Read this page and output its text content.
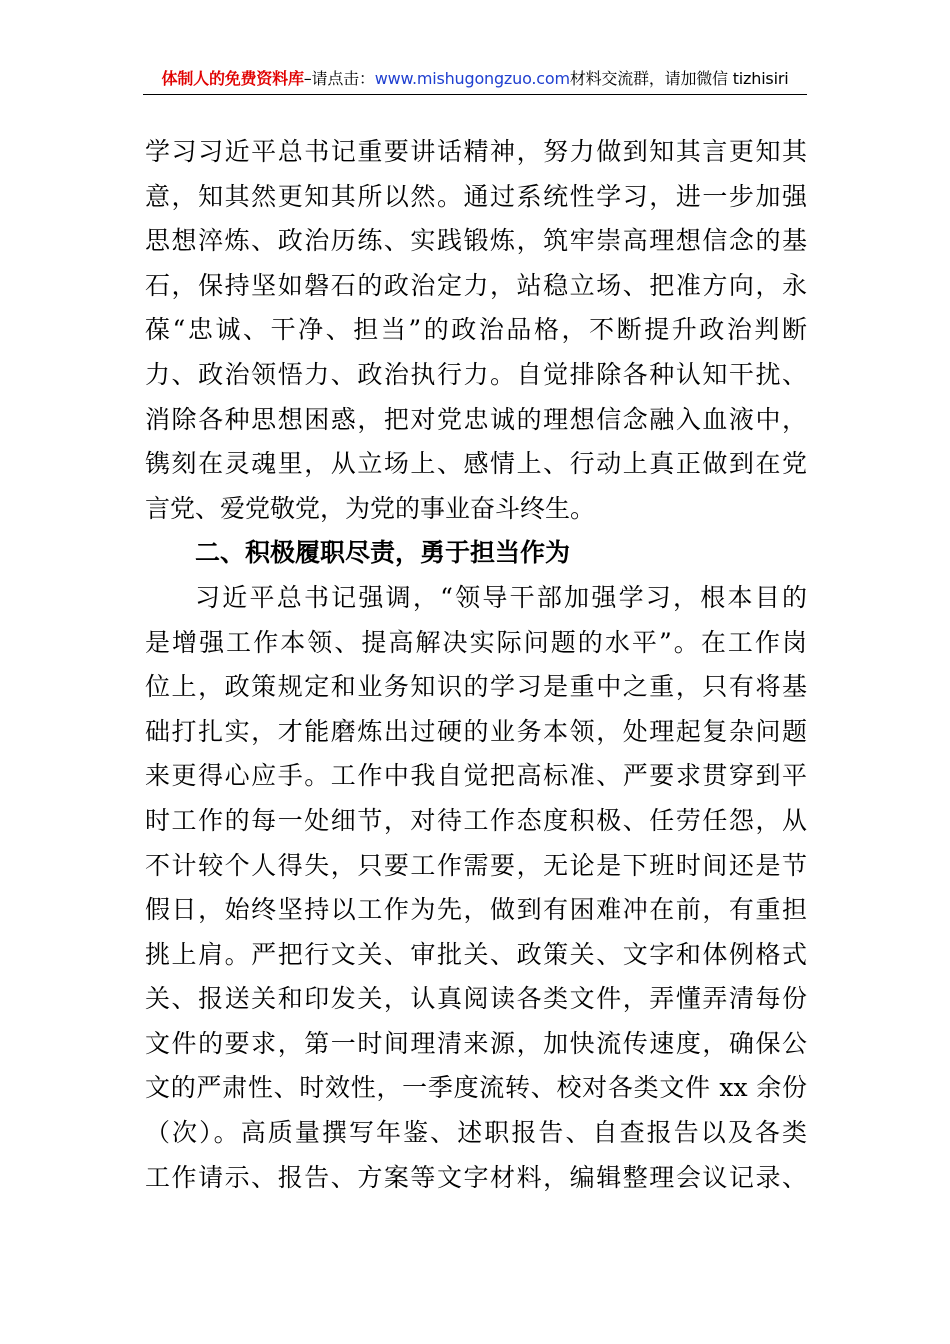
体制人的免费资料库–请点击：www.mishugongzuo.com材料交流群，请加微信 tizhisiri
学习习近平总书记重要讲话精神，努力做到知其言更知其
意，知其然更知其所以然。通过系统性学习，进一步加强
思想淬炼、政治历练、实践锻炼，筑牢崇高理想信念的基
石，保持坚如磐石的政治定力，站稳立场、把准方向，永
葆“忠诚、干净、担当”的政治品格，不断提升政治判断
力、政治领悟力、政治执行力。自觉排除各种认知干扰、
消除各种思想困惑，把对党忠诚的理想信念融入血液中，
镌刻在灵魂里，从立场上、感情上、行动上真正做到在党
言党、爱党敬党，为党的事业奋斗终生。
二、积极履职尽责，勇于担当作为
习近平总书记强调，“领导干部加强学习，根本目的
是增强工作本领、提高解决实际问题的水平”。在工作岗
位上，政策规定和业务知识的学习是重中之重，只有将基
础打扎实，才能磨炼出过硬的业务本领，处理起复杂问题
来更得心应手。工作中我自觉把高标准、严要求贯穿到平
时工作的每一处细节，对待工作态度积极、任劳任怨，从
不计较个人得失，只要工作需要，无论是下班时间还是节
假日，始终坚持以工作为先，做到有困难冲在前，有重担
挑上肩。严把行文关、审批关、政策关、文字和体例格式
关、报送关和印发关，认真阅读各类文件，弄懂弄清每份
文件的要求，第一时间理清来源，加快流传速度，确保公
文的严肃性、时效性，一季度流转、校对各类文件 xx 余份
（次）。高质量撰写年鉴、述职报告、自查报告以及各类
工作请示、报告、方案等文字材料，编辑整理会议记录、
